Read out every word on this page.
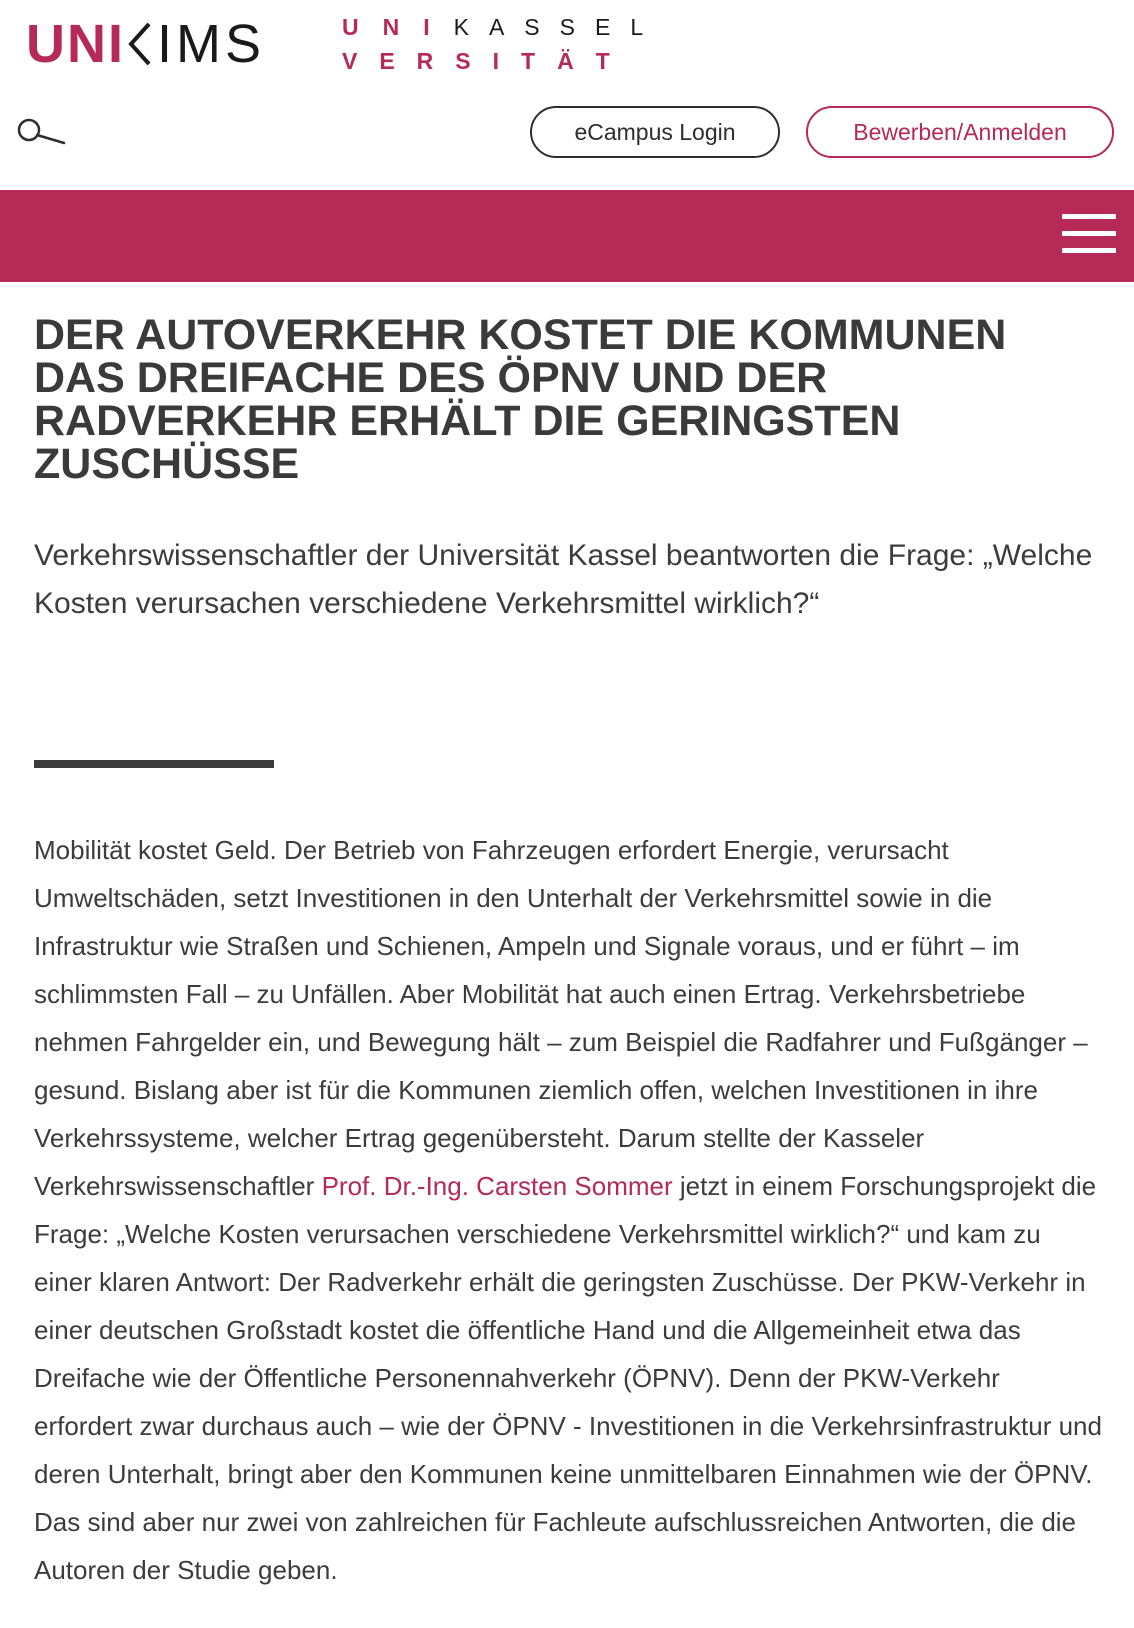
UNI IMS	UNI KASSEL
VERSITÄT
eCampus Login	Bewerben/Anmelden
DER AUTOVERKEHR KOSTET DIE KOMMUNEN DAS DREIFACHE DES ÖPNV UND DER RADVERKEHR ERHÄLT DIE GERINGSTEN ZUSCHÜSSE

Verkehrswissenschaftler der Universität Kassel beantworten die Frage: „Welche Kosten verursachen verschiedene Verkehrsmittel wirklich?“

Mobilität kostet Geld. Der Betrieb von Fahrzeugen erfordert Energie, verursacht Umweltschäden, setzt Investitionen in den Unterhalt der Verkehrsmittel sowie in die Infrastruktur wie Straßen und Schienen, Ampeln und Signale voraus, und er führt – im schlimmsten Fall – zu Unfällen. Aber Mobilität hat auch einen Ertrag. Verkehrsbetriebe nehmen Fahrgelder ein, und Bewegung hält – zum Beispiel die Radfahrer und Fußgänger – gesund. Bislang aber ist für die Kommunen ziemlich offen, welchen Investitionen in ihre Verkehrssysteme, welcher Ertrag gegenübersteht. Darum stellte der Kasseler Verkehrswissenschaftler Prof. Dr.-Ing. Carsten Sommer jetzt in einem Forschungsprojekt die Frage: „Welche Kosten verursachen verschiedene Verkehrsmittel wirklich?“ und kam zu einer klaren Antwort: Der Radverkehr erhält die geringsten Zuschüsse. Der PKW-Verkehr in einer deutschen Großstadt kostet die öffentliche Hand und die Allgemeinheit etwa das Dreifache wie der Öffentliche Personennahverkehr (ÖPNV). Denn der PKW-Verkehr erfordert zwar durchaus auch – wie der ÖPNV - Investitionen in die Verkehrsinfrastruktur und deren Unterhalt, bringt aber den Kommunen keine unmittelbaren Einnahmen wie der ÖPNV. Das sind aber nur zwei von zahlreichen für Fachleute aufschlussreichen Antworten, die die Autoren der Studie geben.
